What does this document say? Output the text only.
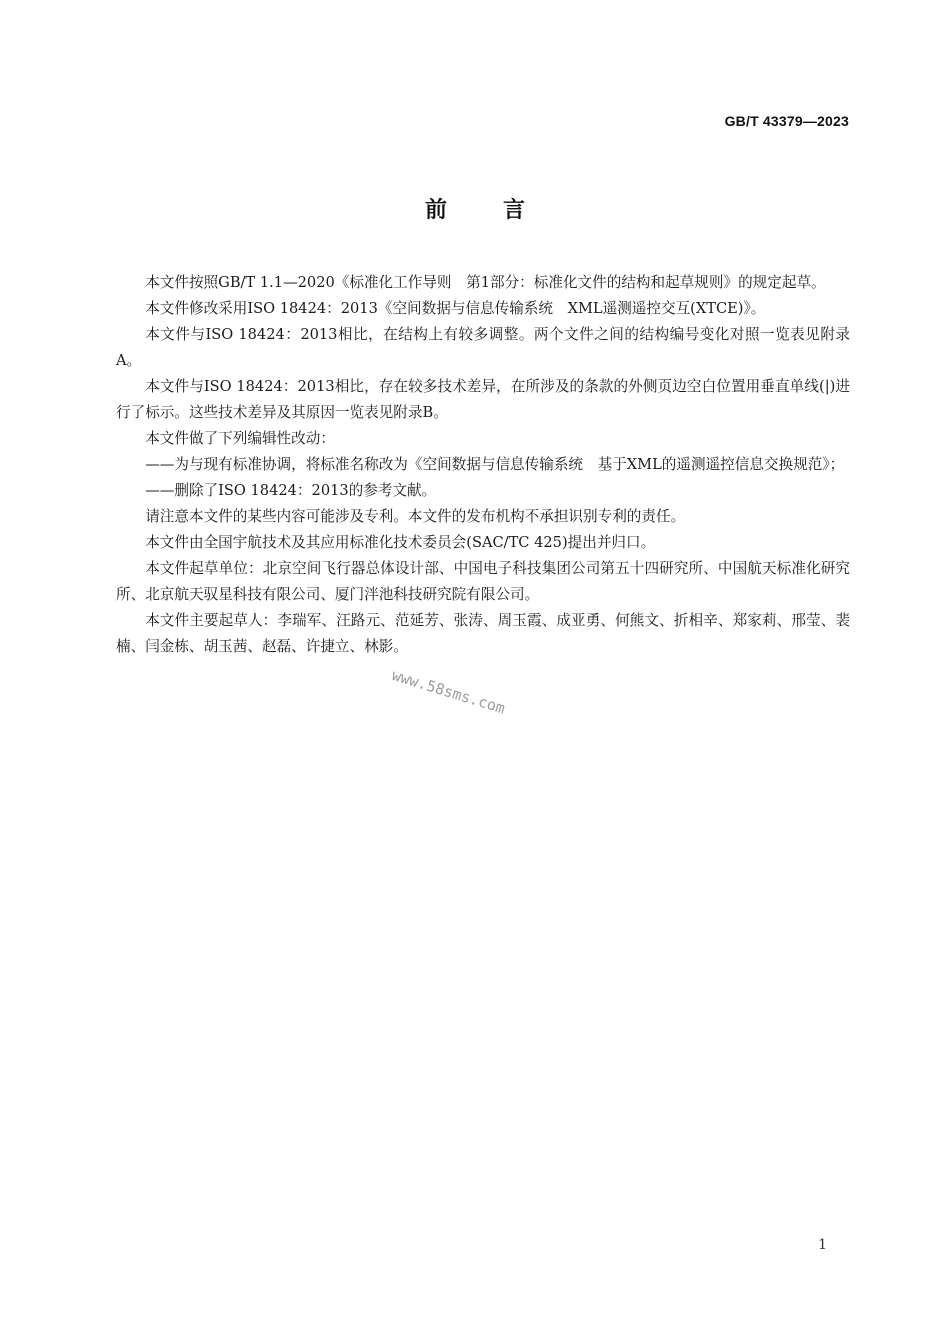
GB/T 43379—2023
前言

本文件按照GB/T 1.1—2020《标准化工作导则　第1部分：标准化文件的结构和起草规则》的规定起草。

本文件修改采用ISO 18424：2013《空间数据与信息传输系统　XML遥测遥控交互(XTCE)》。

本文件与ISO 18424：2013相比，在结构上有较多调整。两个文件之间的结构编号变化对照一览表见附录A。

本文件与ISO 18424：2013相比，存在较多技术差异，在所涉及的条款的外侧页边空白位置用垂直单线(|)进行了标示。这些技术差异及其原因一览表见附录B。

本文件做了下列编辑性改动：

——为与现有标准协调，将标准名称改为《空间数据与信息传输系统　基于XML的遥测遥控信息交换规范》；

——删除了ISO 18424：2013的参考文献。

请注意本文件的某些内容可能涉及专利。本文件的发布机构不承担识别专利的责任。

本文件由全国宇航技术及其应用标准化技术委员会(SAC/TC 425)提出并归口。

本文件起草单位：北京空间飞行器总体设计部、中国电子科技集团公司第五十四研究所、中国航天标准化研究所、北京航天驭星科技有限公司、厦门泮池科技研究院有限公司。

本文件主要起草人：李瑞军、汪路元、范延芳、张涛、周玉霞、成亚勇、何熊文、折相辛、郑家莉、邢莹、裴楠、闫金栋、胡玉茜、赵磊、许捷立、林影。

www.58sms.com
1
